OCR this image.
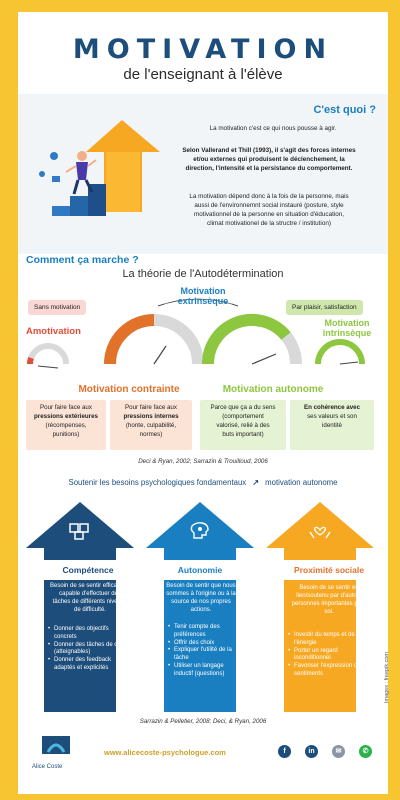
MOTIVATION
de l'enseignant à l'élève
C'est quoi ?
La motivation c'est ce qui nous pousse à agir.
Selon Vallerand et Thill (1993), il s'agit des forces internes
et/ou externes qui produisent le déclenchement, la
direction, l'intensité et la persistance du comportement.
La motivation dépend donc à la fois de la personne, mais
aussi de l'environnemnt social instauré (posture, style
motivationnel de la personne en situation d'éducation,
climat motivationel de la structre / institution)
Comment ça marche ?
La théorie de l'Autodétermination
Sans motivation
Amotivation
Motivation
extrinsèque
Par plaisir, satisfaction
Motivation
intrinsèque
Motivation contrainte	Motivation autonome
Pour faire face aux
pressions extérieures
(récompenses,
punitions)
Pour faire face aux
pressions internes
(honte, culpabilité,
normes)
Parce que ça a du sens
(comportement
valorisé, relié à des
buts important)
En cohérence avec
ses valeurs et son
identité
Deci & Ryan, 2002; Sarrazin & Trouilloud, 2006
Soutenir les besoins psychologiques fondamentaux ↗ motivation autonome
Compétence
Besoin de se sentir efficace et capable d'effectuer des tâches de différents niveaux de difficulté.
• Donner des objectifs concrets
• Donner des tâches de défis (atteignables)
• Donner des feedback adaptés et explicités
Autonomie
Besoin de sentir que nous sommes à l'origine ou à la source de nos propres actions.
• Tenir compte des préférences
• Offrir des choix
• Expliquer l'utilité de la tâche
• Utiliser un langage inductif (questions)
Proximité sociale
Besoin de se sentir en lien/soutenu par d'autres personnes importantes pour soi.
• Investir du temps et de l'énergie
• Porter un regard inconditionnel
• Favoriser l'expression des sentiments
Sarrazin & Pelletier, 2008; Deci, & Ryan, 2006
Alice Coste
www.alicecoste-psychologue.com	f	in	✉	✆
Images : freepik.com
